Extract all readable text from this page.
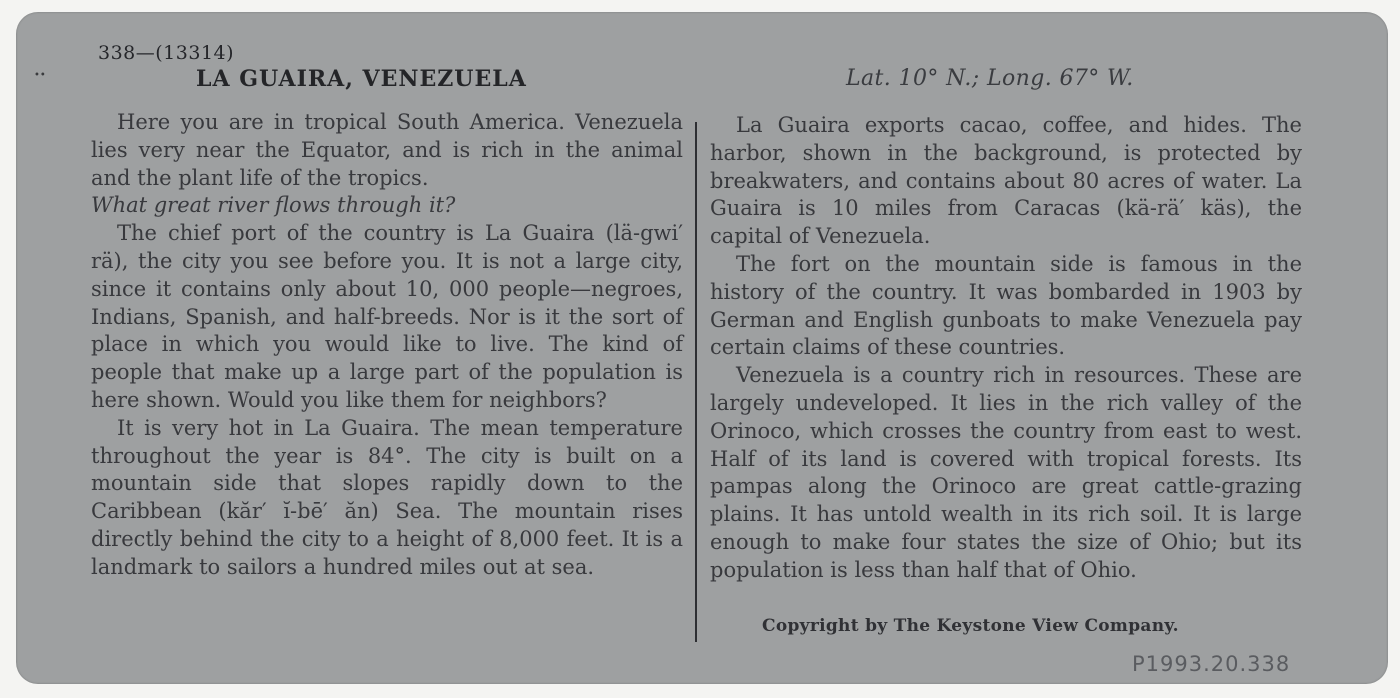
338—(13314)
••	LA GUAIRA, VENEZUELA	Lat. 10° N.; Long. 67° W.

Here you are in tropical South America. Venezuela lies very near the Equator, and is rich in the animal and the plant life of the tropics.

What great river flows through it?

The chief port of the country is La Guaira (lä-gwi′ rä), the city you see before you. It is not a large city, since it contains only about 10, 000 people—negroes, Indians, Spanish, and half-breeds. Nor is it the sort of place in which you would like to live. The kind of people that make up a large part of the population is here shown. Would you like them for neighbors?

It is very hot in La Guaira. The mean temperature throughout the year is 84°. The city is built on a mountain side that slopes rapidly down to the Caribbean (kăr′ ĭ-bē′ ăn) Sea. The mountain rises directly behind the city to a height of 8,000 feet. It is a landmark to sailors a hundred miles out at sea.

La Guaira exports cacao, coffee, and hides. The harbor, shown in the background, is protected by breakwaters, and contains about 80 acres of water. La Guaira is 10 miles from Caracas (kä-rä′ käs), the capital of Venezuela.

The fort on the mountain side is famous in the history of the country. It was bombarded in 1903 by German and English gunboats to make Venezuela pay certain claims of these countries.

Venezuela is a country rich in resources. These are largely undeveloped. It lies in the rich valley of the Orinoco, which crosses the country from east to west. Half of its land is covered with tropical forests. Its pampas along the Orinoco are great cattle-grazing plains. It has untold wealth in its rich soil. It is large enough to make four states the size of Ohio; but its population is less than half that of Ohio.

Copyright by The Keystone View Company.
P1993.20.338
